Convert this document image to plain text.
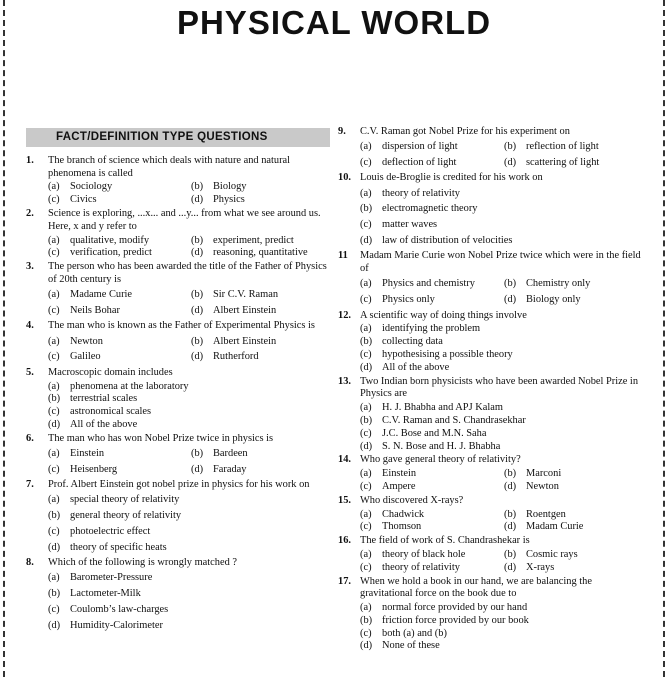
PHYSICAL WORLD
FACT/DEFINITION TYPE QUESTIONS
1. The branch of science which deals with nature and natural phenomena is called
(a) Sociology	(b) Biology
(c) Civics	(d) Physics
2. Science is exploring, ...x... and ...y... from what we see around us. Here, x and y refer to
(a) qualitative, modify	(b) experiment, predict
(c) verification, predict	(d) reasoning, quantitative
3. The person who has been awarded the title of the Father of Physics of 20th century is
(a) Madame Curie	(b) Sir C.V. Raman
(c) Neils Bohar	(d) Albert Einstein
4. The man who is known as the Father of Experimental Physics is
(a) Newton	(b) Albert Einstein
(c) Galileo	(d) Rutherford
5. Macroscopic domain includes
(a) phenomena at the laboratory
(b) terrestrial scales
(c) astronomical scales
(d) All of the above
6. The man who has won Nobel Prize twice in physics is
(a) Einstein	(b) Bardeen
(c) Heisenberg	(d) Faraday
7. Prof. Albert Einstein got nobel prize in physics for his work on
(a) special theory of relativity
(b) general theory of relativity
(c) photoelectric effect
(d) theory of specific heats
8. Which of the following is wrongly matched ?
(a) Barometer-Pressure
(b) Lactometer-Milk
(c) Coulomb’s law-charges
(d) Humidity-Calorimeter
9. C.V. Raman got Nobel Prize for his experiment on
(a) dispersion of light	(b) reflection of light
(c) deflection of light	(d) scattering of light
10. Louis de-Broglie is credited for his work on
(a) theory of relativity
(b) electromagnetic theory
(c) matter waves
(d) law of distribution of velocities
11 Madam Marie Curie won Nobel Prize twice which were in the field of
(a) Physics and chemistry	(b) Chemistry only
(c) Physics only	(d) Biology only
12. A scientific way of doing things involve
(a) identifying the problem
(b) collecting data
(c) hypothesising a possible theory
(d) All of the above
13. Two Indian born physicists who have been awarded Nobel Prize in Physics are
(a) H. J. Bhabha and APJ Kalam
(b) C.V. Raman and S. Chandrasekhar
(c) J.C. Bose and M.N. Saha
(d) S. N. Bose and H. J. Bhabha
14. Who gave general theory of relativity?
(a) Einstein	(b) Marconi
(c) Ampere	(d) Newton
15. Who discovered X-rays?
(a) Chadwick	(b) Roentgen
(c) Thomson	(d) Madam Curie
16. The field of work of S. Chandrashekar is
(a) theory of black hole	(b) Cosmic rays
(c) theory of relativity	(d) X-rays
17. When we hold a book in our hand, we are balancing the gravitational force on the book due to
(a) normal force provided by our hand
(b) friction force provided by our book
(c) both (a) and (b)
(d) None of these
